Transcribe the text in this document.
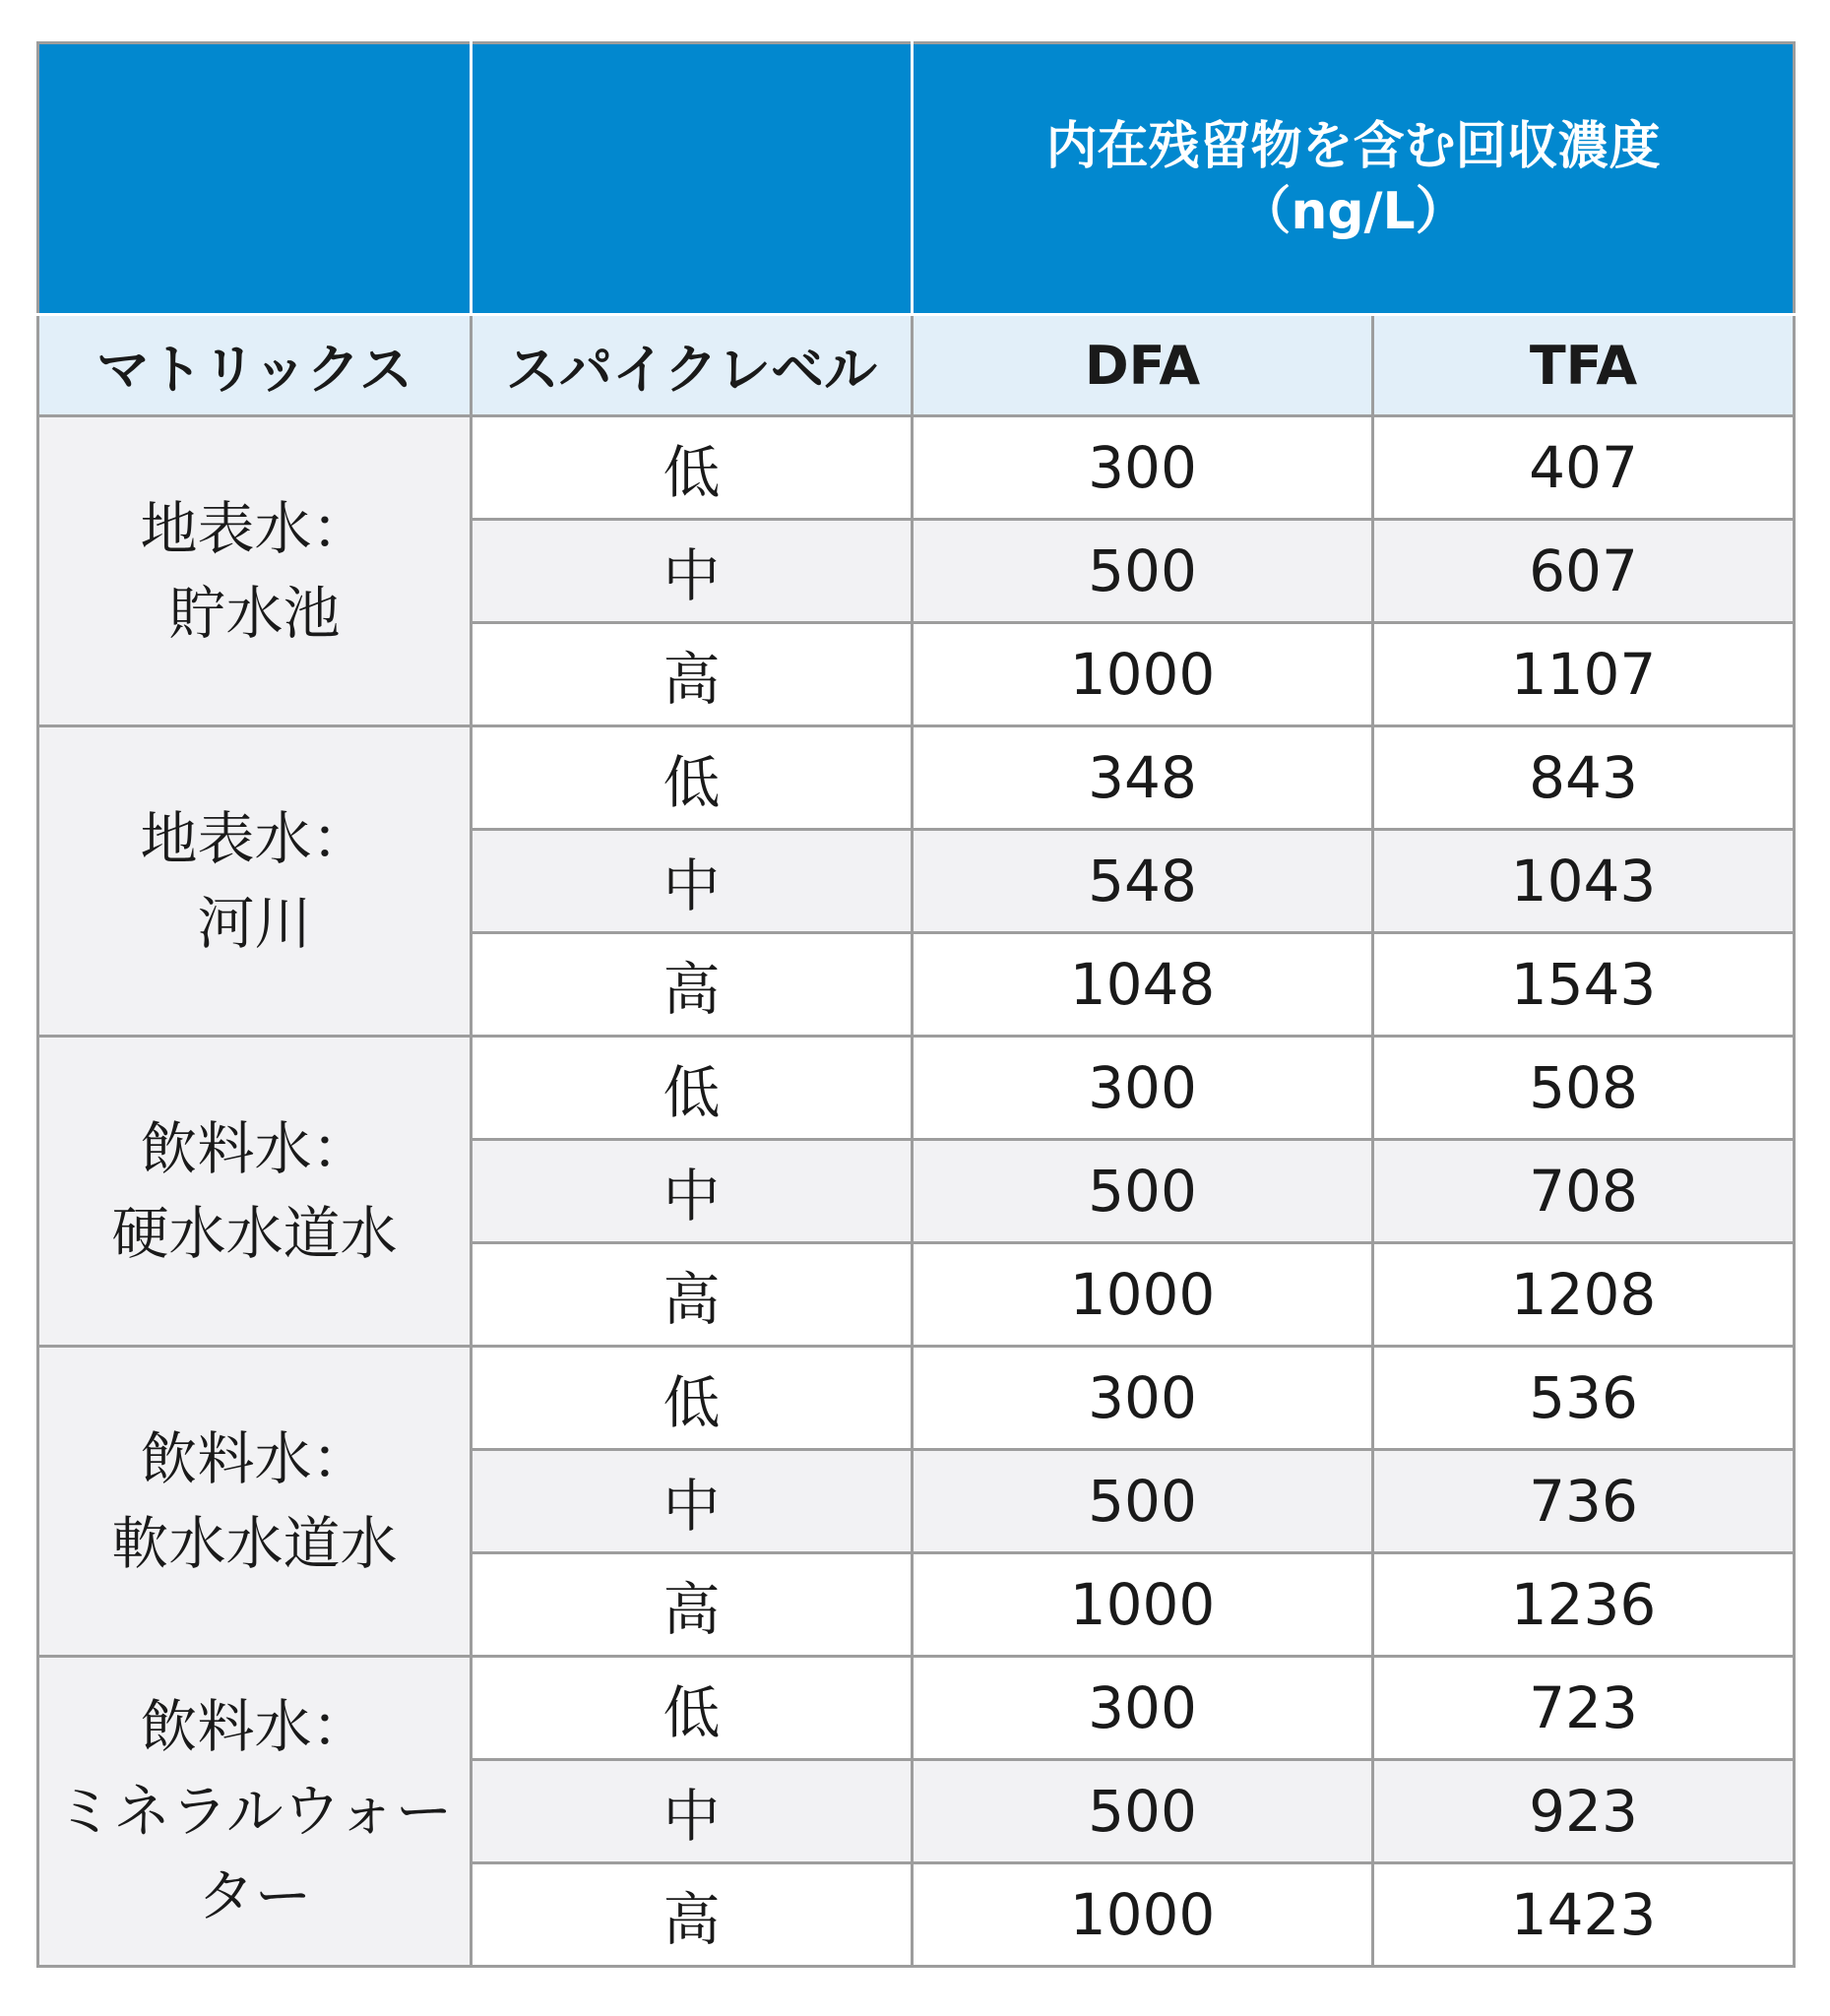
		内在残留物を含む回収濃度
（ng/L）	

マトリックス	スパイクレベル	DFA	TFA

地表水：
貯水池	低	300	407
	中	500	607
	高	1000	1107

地表水：
河川	低	348	843
	中	548	1043
	高	1048	1543

飲料水：
硬水水道水	低	300	508
	中	500	708
	高	1000	1208

飲料水：
軟水水道水	低	300	536
	中	500	736
	高	1000	1236

飲料水：
ミネラルウォーター	低	300	723
	中	500	923
	高	1000	1423
